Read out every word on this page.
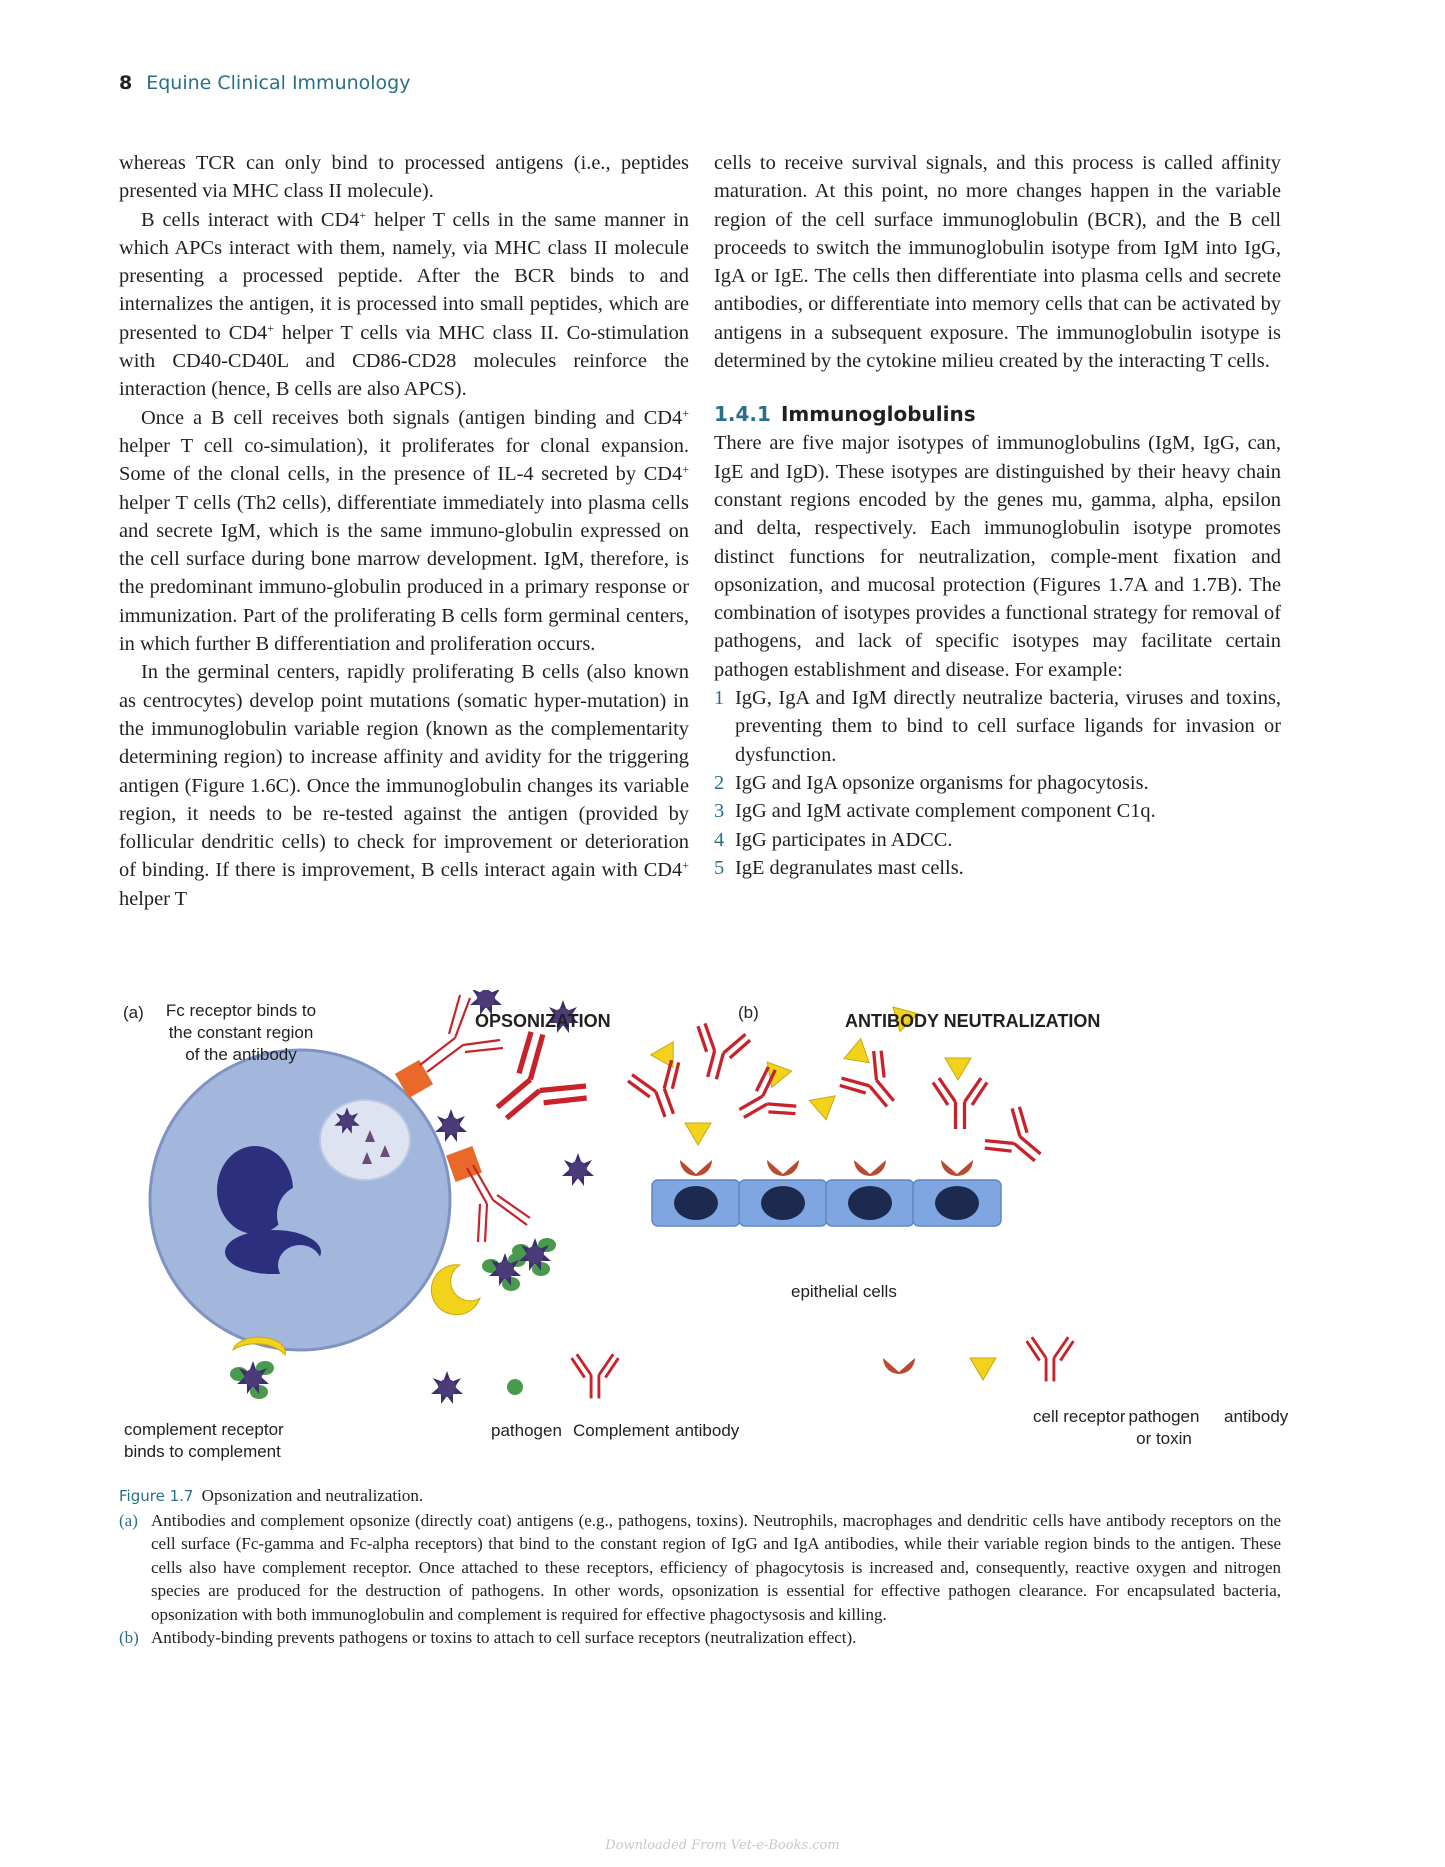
8 Equine Clinical Immunology

whereas TCR can only bind to processed antigens (i.e., peptides presented via MHC class II molecule).

B cells interact with CD4+ helper T cells in the same manner in which APCs interact with them, namely, via MHC class II molecule presenting a processed peptide. After the BCR binds to and internalizes the antigen, it is processed into small peptides, which are presented to CD4+ helper T cells via MHC class II. Co-stimulation with CD40-CD40L and CD86-CD28 molecules reinforce the interaction (hence, B cells are also APCS).

Once a B cell receives both signals (antigen binding and CD4+ helper T cell co-simulation), it proliferates for clonal expansion. Some of the clonal cells, in the presence of IL-4 secreted by CD4+ helper T cells (Th2 cells), differentiate immediately into plasma cells and secrete IgM, which is the same immuno-globulin expressed on the cell surface during bone marrow development. IgM, therefore, is the predominant immuno-globulin produced in a primary response or immunization. Part of the proliferating B cells form germinal centers, in which further B differentiation and proliferation occurs.

In the germinal centers, rapidly proliferating B cells (also known as centrocytes) develop point mutations (somatic hyper-mutation) in the immunoglobulin variable region (known as the complementarity determining region) to increase affinity and avidity for the triggering antigen (Figure 1.6C). Once the immunoglobulin changes its variable region, it needs to be re-tested against the antigen (provided by follicular dendritic cells) to check for improvement or deterioration of binding. If there is improvement, B cells interact again with CD4+ helper T

cells to receive survival signals, and this process is called affinity maturation. At this point, no more changes happen in the variable region of the cell surface immunoglobulin (BCR), and the B cell proceeds to switch the immunoglobulin isotype from IgM into IgG, IgA or IgE. The cells then differentiate into plasma cells and secrete antibodies, or differentiate into memory cells that can be activated by antigens in a subsequent exposure. The immunoglobulin isotype is determined by the cytokine milieu created by the interacting T cells.

1.4.1 Immunoglobulins

There are five major isotypes of immunoglobulins (IgM, IgG, can, IgE and IgD). These isotypes are distinguished by their heavy chain constant regions encoded by the genes mu, gamma, alpha, epsilon and delta, respectively. Each immunoglobulin isotype promotes distinct functions for neutralization, comple-ment fixation and opsonization, and mucosal protection (Figures 1.7A and 1.7B). The combination of isotypes provides a functional strategy for removal of pathogens, and lack of specific isotypes may facilitate certain pathogen establishment and disease. For example:

1 IgG, IgA and IgM directly neutralize bacteria, viruses and toxins, preventing them to bind to cell surface ligands for invasion or dysfunction.
2 IgG and IgA opsonize organisms for phagocytosis.
3 IgG and IgM activate complement component C1q.
4 IgG participates in ADCC.
5 IgE degranulates mast cells.
(a)	Fc receptor binds to
the constant region
of the antibody
OPSONIZATION
complement receptor
binds to complement
pathogen Complement antibody
(b)	ANTIBODY NEUTRALIZATION
epithelial cells
cell receptor pathogen
or toxin
antibody

Figure 1.7 Opsonization and neutralization.

(a) Antibodies and complement opsonize (directly coat) antigens (e.g., pathogens, toxins). Neutrophils, macrophages and dendritic cells have antibody receptors on the cell surface (Fc-gamma and Fc-alpha receptors) that bind to the constant region of IgG and IgA antibodies, while their variable region binds to the antigen. These cells also have complement receptor. Once attached to these receptors, efficiency of phagocytosis is increased and, consequently, reactive oxygen and nitrogen species are produced for the destruction of pathogens. In other words, opsonization is essential for effective pathogen clearance. For encapsulated bacteria, opsonization with both immunoglobulin and complement is required for effective phagoctysosis and killing.
(b) Antibody-binding prevents pathogens or toxins to attach to cell surface receptors (neutralization effect).
Downloaded From Vet-e-Books.com
